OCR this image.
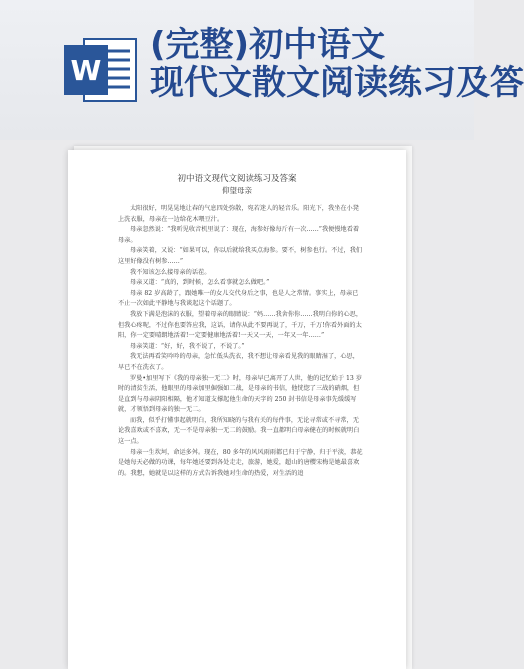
W
(完整)初中语文
现代文散文阅读练习及答
初中语文现代文阅读练习及答案
仰望母亲

太阳很好，明晃晃地让春的气息四处弥散，宛若迷人的轻音乐。阳光下，我坐在小凳上洗衣服，母亲在一边给花木喂豆汁。

母亲忽然说：“我听见收音机里说了：现在，海参好像每斤有一次……”我便慢地看着母亲。

母亲笑着，又说：“如果可以，你以后就给我买点海参。要不，树参也行。不过，我们这里好像没有树参……”

我不知该怎么接母亲的话茬。

母亲又道：“真的，到时候，怎么看事就怎么做吧。”

母亲 82 岁高龄了，跟她唯一的女儿交代身后之事，也是人之常情。事实上，母亲已不止一次如此平静地与我谈起这个话题了。

我放下满是泡沫的衣服，望着母亲的眼睛说：“妈……我舍你你……我明白你的心思，但我心疼呢，不过你也要答应我，这话，请你从此不要再说了，千万，千万!你看外面的太阳，你一定要晴朗地活着!一定要健康地活着!一天又一天，一年又一年……”

母亲笑道：“好，好，我不说了，不说了。”

我无法再看笑吟吟的母亲，急忙低头洗衣，我不想让母亲看见我的眼睛湿了，心思，早已不在洗衣了。

罗曼•加里写下《我的母亲独一无二》时，母亲早已离开了人世，他的记忆始于 13 岁时的清贫生活，他眼里的母亲加里倔强如二战，是母亲的书信，他恍惚了三战的硝烟，但是直到与母亲阴阳相隔，他才知道支撑起他生命的天字的 250 封书信是母亲事先缓缓写就，才领悟到母亲的独一无二。

而我，似乎打懂事起就明白，我所知晓的与我有关的每件事，无论寻常或不寻常，无论我喜欢或不喜欢，无一不是母亲独一无二的鼓励。我一直都明白母亲健在的时候就明白这一点。

母亲一生坎坷，命运多舛。现在，80 多年的风风雨雨都已归于宁静，归于平淡，恭花是她每天必做的功课，每年她还要到各处走走，旅游，她爱，超山的唐樱宋梅是她最喜欢的。我想，她就是以这样的方式告诉我她对生命的热爱，对生活的追
